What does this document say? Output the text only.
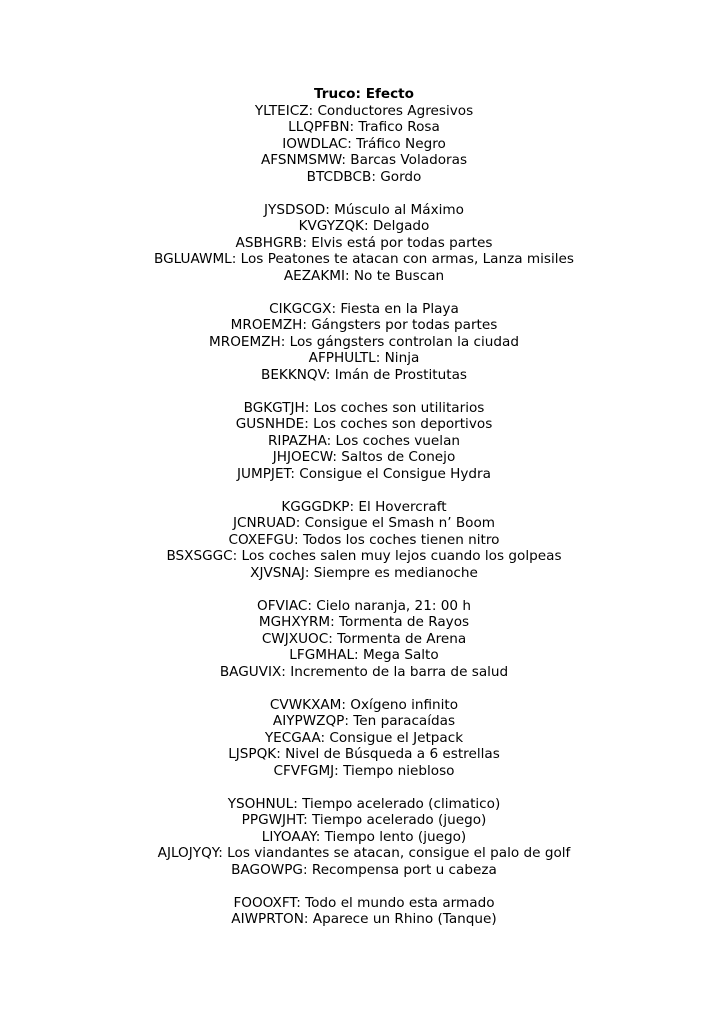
Truco: Efecto
YLTEICZ: Conductores Agresivos
LLQPFBN: Trafico Rosa
IOWDLAC: Tráfico Negro
AFSNMSMW: Barcas Voladoras
BTCDBCB: Gordo
JYSDSOD: Músculo al Máximo
KVGYZQK: Delgado
ASBHGRB: Elvis está por todas partes
BGLUAWML: Los Peatones te atacan con armas, Lanza misiles
AEZAKMI: No te Buscan
CIKGCGX: Fiesta en la Playa
MROEMZH: Gángsters por todas partes
MROEMZH: Los gángsters controlan la ciudad
AFPHULTL: Ninja
BEKKNQV: Imán de Prostitutas
BGKGTJH: Los coches son utilitarios
GUSNHDE: Los coches son deportivos
RIPAZHA: Los coches vuelan
JHJOECW: Saltos de Conejo
JUMPJET: Consigue el Consigue Hydra
KGGGDKP: El Hovercraft
JCNRUAD: Consigue el Smash n’ Boom
COXEFGU: Todos los coches tienen nitro
BSXSGGC: Los coches salen muy lejos cuando los golpeas
XJVSNAJ: Siempre es medianoche
OFVIAC: Cielo naranja, 21: 00 h
MGHXYRM: Tormenta de Rayos
CWJXUOC: Tormenta de Arena
LFGMHAL: Mega Salto
BAGUVIX: Incremento de la barra de salud
CVWKXAM: Oxígeno infinito
AIYPWZQP: Ten paracaídas
YECGAA: Consigue el Jetpack
LJSPQK: Nivel de Búsqueda a 6 estrellas
CFVFGMJ: Tiempo niebloso
YSOHNUL: Tiempo acelerado (climatico)
PPGWJHT: Tiempo acelerado (juego)
LIYOAAY: Tiempo lento (juego)
AJLOJYQY: Los viandantes se atacan, consigue el palo de golf
BAGOWPG: Recompensa port u cabeza
FOOOXFT: Todo el mundo esta armado
AIWPRTON: Aparece un Rhino (Tanque)
